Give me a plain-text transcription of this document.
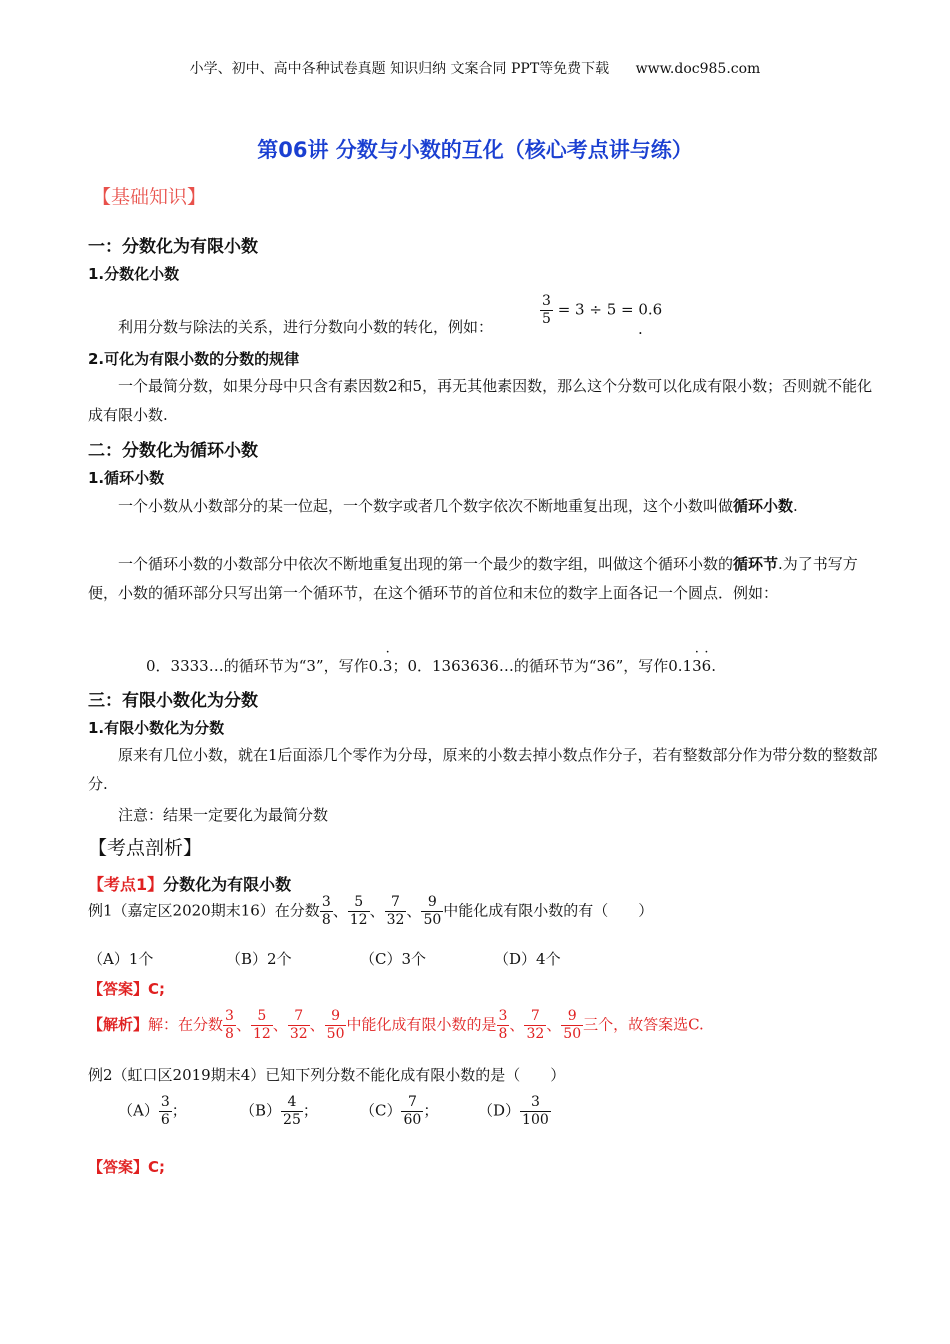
小学、初中、高中各种试卷真题 知识归纳 文案合同 PPT等免费下载 www.doc985.com
第06讲 分数与小数的互化（核心考点讲与练）
【基础知识】
一：分数化为有限小数
1.分数化小数
利用分数与除法的关系，进行分数向小数的转化，例如：	$\frac{3}{5} = 3 \div 5 = 0.6$
.
2.可化为有限小数的分数的规律
一个最简分数，如果分母中只含有素因数2和5，再无其他素因数，那么这个分数可以化成有限小数；否则就不能化成有限小数.
二：分数化为循环小数
1.循环小数
一个小数从小数部分的某一位起，一个数字或者几个数字依次不断地重复出现，这个小数叫做循环小数.
一个循环小数的小数部分中依次不断地重复出现的第一个最少的数字组，叫做这个循环小数的循环节.为了书写方便，小数的循环部分只写出第一个循环节，在这个循环节的首位和末位的数字上面各记一个圆点．例如：
0．3333…的循环节为“3”，写作0.· 3；0．1363636…的循环节为“36”，写作0.1· 3· 6.
三：有限小数化为分数
1.有限小数化为分数
原来有几位小数，就在1后面添几个零作为分母，原来的小数去掉小数点作分子，若有整数部分作为带分数的整数部分.
注意：结果一定要化为最简分数
【考点剖析】
【考点1】分数化为有限小数
例1（嘉定区2020期末16）在分数 $\frac{3}{8}$ 、 $\frac{5}{12}$ 、 $\frac{7}{32}$ 、 $\frac{9}{50}$ 中能化成有限小数的有（　　）
（A）1个	（B）2个	（C）3个	（D）4个
【答案】C;
【解析】解：在分数 $\frac{3}{8}$ 、 $\frac{5}{12}$ 、 $\frac{7}{32}$ 、 $\frac{9}{50}$ 中能化成有限小数的是 $\frac{3}{8}$ 、 $\frac{7}{32}$ 、 $\frac{9}{50}$ 三个，故答案选C.
例2（虹口区2019期末4）已知下列分数不能化成有限小数的是（　　）
$(A) \frac{3}{6}$ ；	$(B) \frac{4}{25}$ ；	$(C) \frac{7}{60}$ ；	$(D) \frac{3}{100}$
【答案】C;
